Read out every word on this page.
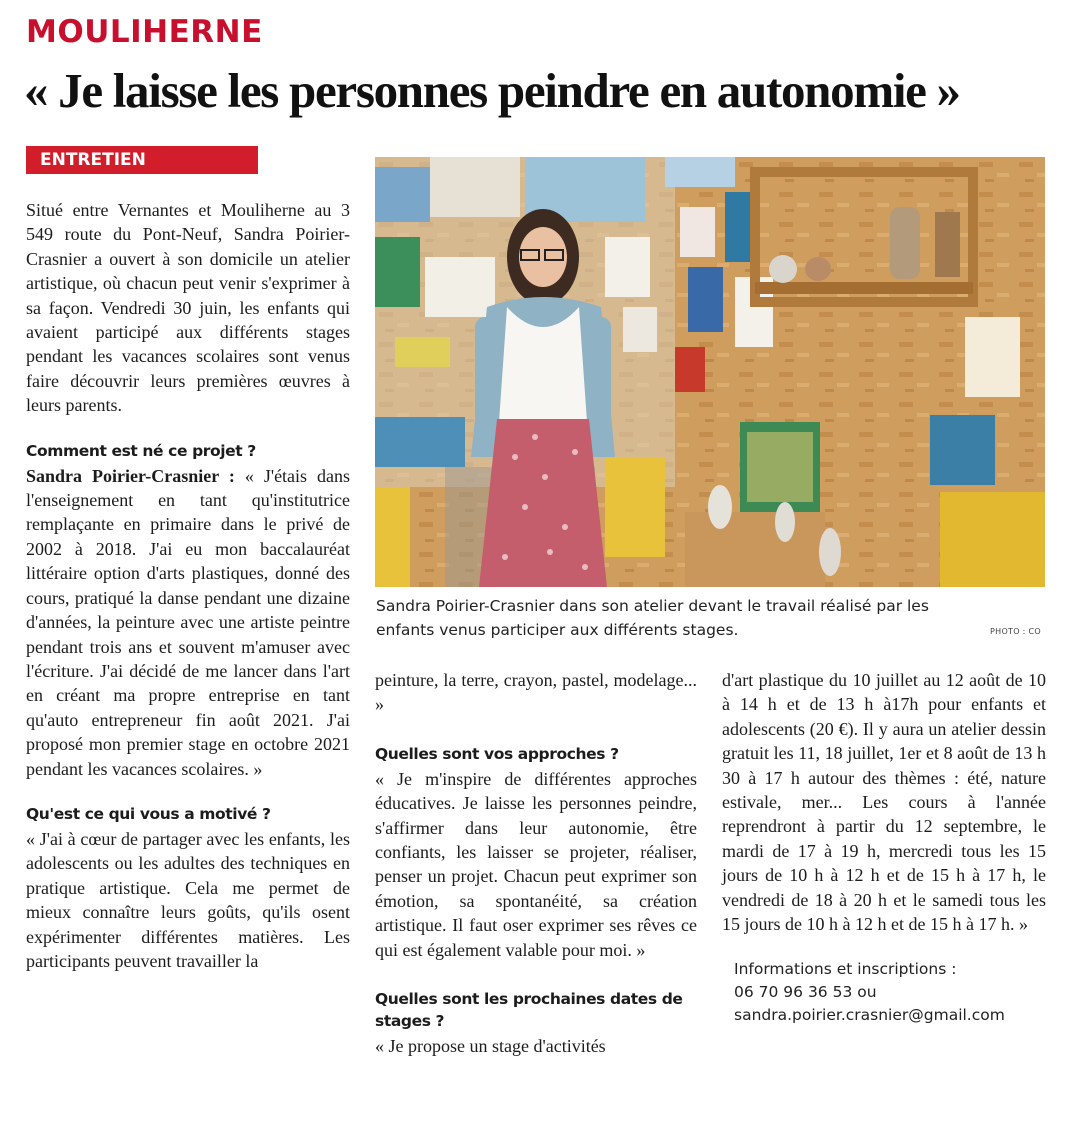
MOULIHERNE
« Je laisse les personnes peindre en autonomie »
ENTRETIEN

Situé entre Vernantes et Mouliherne au 3 549 route du Pont-Neuf, Sandra Poirier-Crasnier a ouvert à son domicile un atelier artistique, où chacun peut venir s'exprimer à sa façon. Vendredi 30 juin, les enfants qui avaient participé aux différents stages pendant les vacances scolaires sont venus faire découvrir leurs premières œuvres à leurs parents.

Comment est né ce projet ?

Sandra Poirier-Crasnier : « J'étais dans l'enseignement en tant qu'institutrice remplaçante en primaire dans le privé de 2002 à 2018. J'ai eu mon baccalauréat littéraire option d'arts plastiques, donné des cours, pratiqué la danse pendant une dizaine d'années, la peinture avec une artiste peintre pendant trois ans et souvent m'amuser avec l'écriture. J'ai décidé de me lancer dans l'art en créant ma propre entreprise en tant qu'auto entrepreneur fin août 2021. J'ai proposé mon premier stage en octobre 2021 pendant les vacances scolaires. »

Qu'est ce qui vous a motivé ?

« J'ai à cœur de partager avec les enfants, les adolescents ou les adultes des techniques en pratique artistique. Cela me permet de mieux connaître leurs goûts, qu'ils osent expérimenter différentes matières. Les participants peuvent travailler la

Sandra Poirier-Crasnier dans son atelier devant le travail réalisé par les enfants venus participer aux différents stages.	PHOTO : CO

peinture, la terre, crayon, pastel, modelage... »

Quelles sont vos approches ?

« Je m'inspire de différentes approches éducatives. Je laisse les personnes peindre, s'affirmer dans leur autonomie, être confiants, les laisser se projeter, réaliser, penser un projet. Chacun peut exprimer son émotion, sa spontanéité, sa création artistique. Il faut oser exprimer ses rêves ce qui est également valable pour moi. »

Quelles sont les prochaines dates de stages ?

« Je propose un stage d'activités

d'art plastique du 10 juillet au 12 août de 10 à 14 h et de 13 h à17h pour enfants et adolescents (20 €). Il y aura un atelier dessin gratuit les 11, 18 juillet, 1er et 8 août de 13 h 30 à 17 h autour des thèmes : été, nature estivale, mer... Les cours à l'année reprendront à partir du 12 septembre, le mardi de 17 à 19 h, mercredi tous les 15 jours de 10 h à 12 h et de 15 h à 17 h, le vendredi de 18 à 20 h et le samedi tous les 15 jours de 10 h à 12 h et de 15 h à 17 h. »

Informations et inscriptions :
06 70 96 36 53 ou
sandra.poirier.crasnier@gmail.com
